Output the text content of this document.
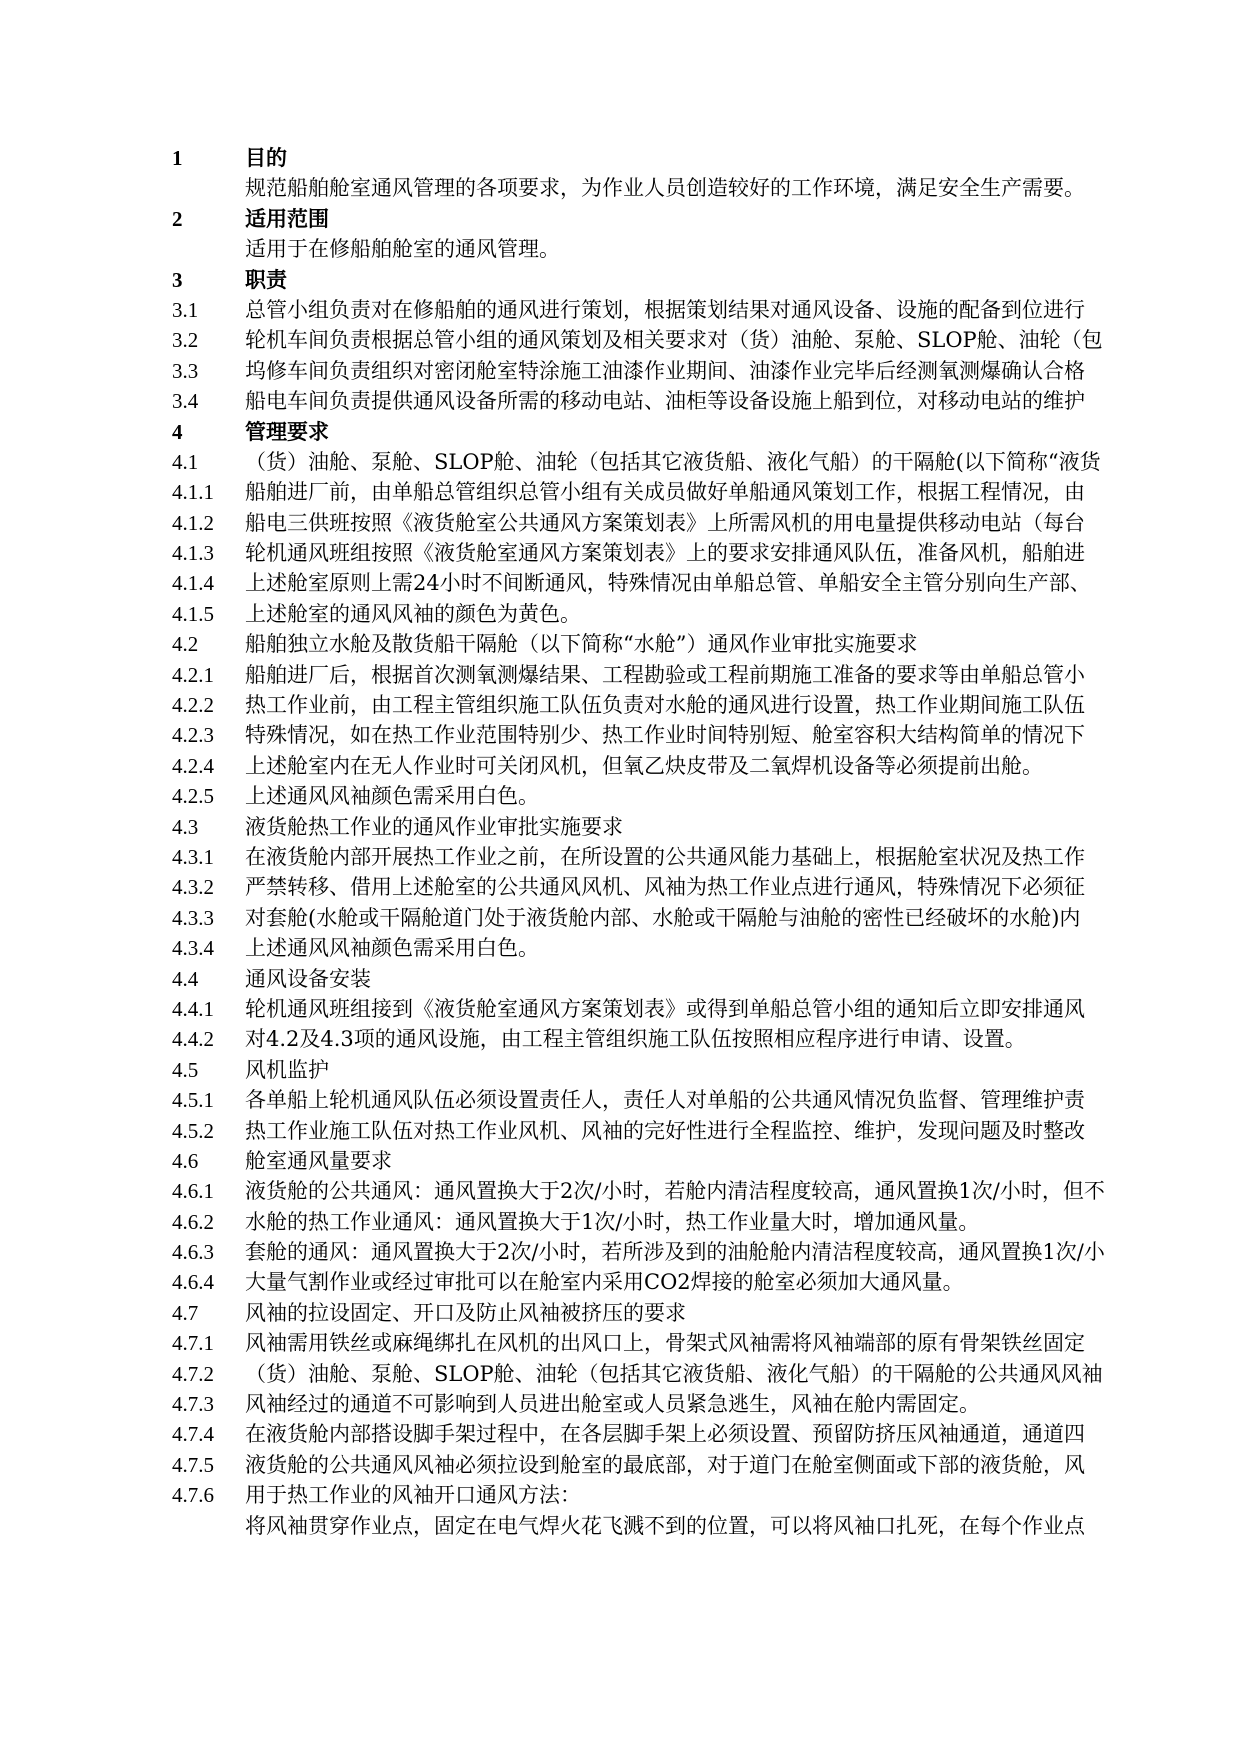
1	目的
规范船舶舱室通风管理的各项要求，为作业人员创造较好的工作环境，满足安全生产需要。
2	适用范围
适用于在修船舶舱室的通风管理。
3	职责
3.1	总管小组负责对在修船舶的通风进行策划，根据策划结果对通风设备、设施的配备到位进行
3.2	轮机车间负责根据总管小组的通风策划及相关要求对（货）油舱、泵舱、SLOP舱、油轮（包
3.3	坞修车间负责组织对密闭舱室特涂施工油漆作业期间、油漆作业完毕后经测氧测爆确认合格
3.4	船电车间负责提供通风设备所需的移动电站、油柜等设备设施上船到位，对移动电站的维护
4	管理要求
4.1	（货）油舱、泵舱、SLOP舱、油轮（包括其它液货船、液化气船）的干隔舱(以下简称“液货
4.1.1	船舶进厂前，由单船总管组织总管小组有关成员做好单船通风策划工作，根据工程情况，由
4.1.2	船电三供班按照《液货舱室公共通风方案策划表》上所需风机的用电量提供移动电站（每台
4.1.3	轮机通风班组按照《液货舱室通风方案策划表》上的要求安排通风队伍，准备风机，船舶进
4.1.4	上述舱室原则上需24小时不间断通风，特殊情况由单船总管、单船安全主管分别向生产部、
4.1.5	上述舱室的通风风袖的颜色为黄色。
4.2	船舶独立水舱及散货船干隔舱（以下简称“水舱”）通风作业审批实施要求
4.2.1	船舶进厂后，根据首次测氧测爆结果、工程勘验或工程前期施工准备的要求等由单船总管小
4.2.2	热工作业前，由工程主管组织施工队伍负责对水舱的通风进行设置，热工作业期间施工队伍
4.2.3	特殊情况，如在热工作业范围特别少、热工作业时间特别短、舱室容积大结构简单的情况下
4.2.4	上述舱室内在无人作业时可关闭风机，但氧乙炔皮带及二氧焊机设备等必须提前出舱。
4.2.5	上述通风风袖颜色需采用白色。
4.3	液货舱热工作业的通风作业审批实施要求
4.3.1	在液货舱内部开展热工作业之前，在所设置的公共通风能力基础上，根据舱室状况及热工作
4.3.2	严禁转移、借用上述舱室的公共通风风机、风袖为热工作业点进行通风，特殊情况下必须征
4.3.3	对套舱(水舱或干隔舱道门处于液货舱内部、水舱或干隔舱与油舱的密性已经破坏的水舱)内
4.3.4	上述通风风袖颜色需采用白色。
4.4	通风设备安装
4.4.1	轮机通风班组接到《液货舱室通风方案策划表》或得到单船总管小组的通知后立即安排通风
4.4.2	对4.2及4.3项的通风设施，由工程主管组织施工队伍按照相应程序进行申请、设置。
4.5	风机监护
4.5.1	各单船上轮机通风队伍必须设置责任人，责任人对单船的公共通风情况负监督、管理维护责
4.5.2	热工作业施工队伍对热工作业风机、风袖的完好性进行全程监控、维护，发现问题及时整改
4.6	舱室通风量要求
4.6.1	液货舱的公共通风：通风置换大于2次/小时，若舱内清洁程度较高，通风置换1次/小时，但不
4.6.2	水舱的热工作业通风：通风置换大于1次/小时，热工作业量大时，增加通风量。
4.6.3	套舱的通风：通风置换大于2次/小时，若所涉及到的油舱舱内清洁程度较高，通风置换1次/小
4.6.4	大量气割作业或经过审批可以在舱室内采用CO2焊接的舱室必须加大通风量。
4.7	风袖的拉设固定、开口及防止风袖被挤压的要求
4.7.1	风袖需用铁丝或麻绳绑扎在风机的出风口上，骨架式风袖需将风袖端部的原有骨架铁丝固定
4.7.2	（货）油舱、泵舱、SLOP舱、油轮（包括其它液货船、液化气船）的干隔舱的公共通风风袖
4.7.3	风袖经过的通道不可影响到人员进出舱室或人员紧急逃生，风袖在舱内需固定。
4.7.4	在液货舱内部搭设脚手架过程中，在各层脚手架上必须设置、预留防挤压风袖通道，通道四
4.7.5	液货舱的公共通风风袖必须拉设到舱室的最底部，对于道门在舱室侧面或下部的液货舱，风
4.7.6	用于热工作业的风袖开口通风方法：
将风袖贯穿作业点，固定在电气焊火花飞溅不到的位置，可以将风袖口扎死，在每个作业点
